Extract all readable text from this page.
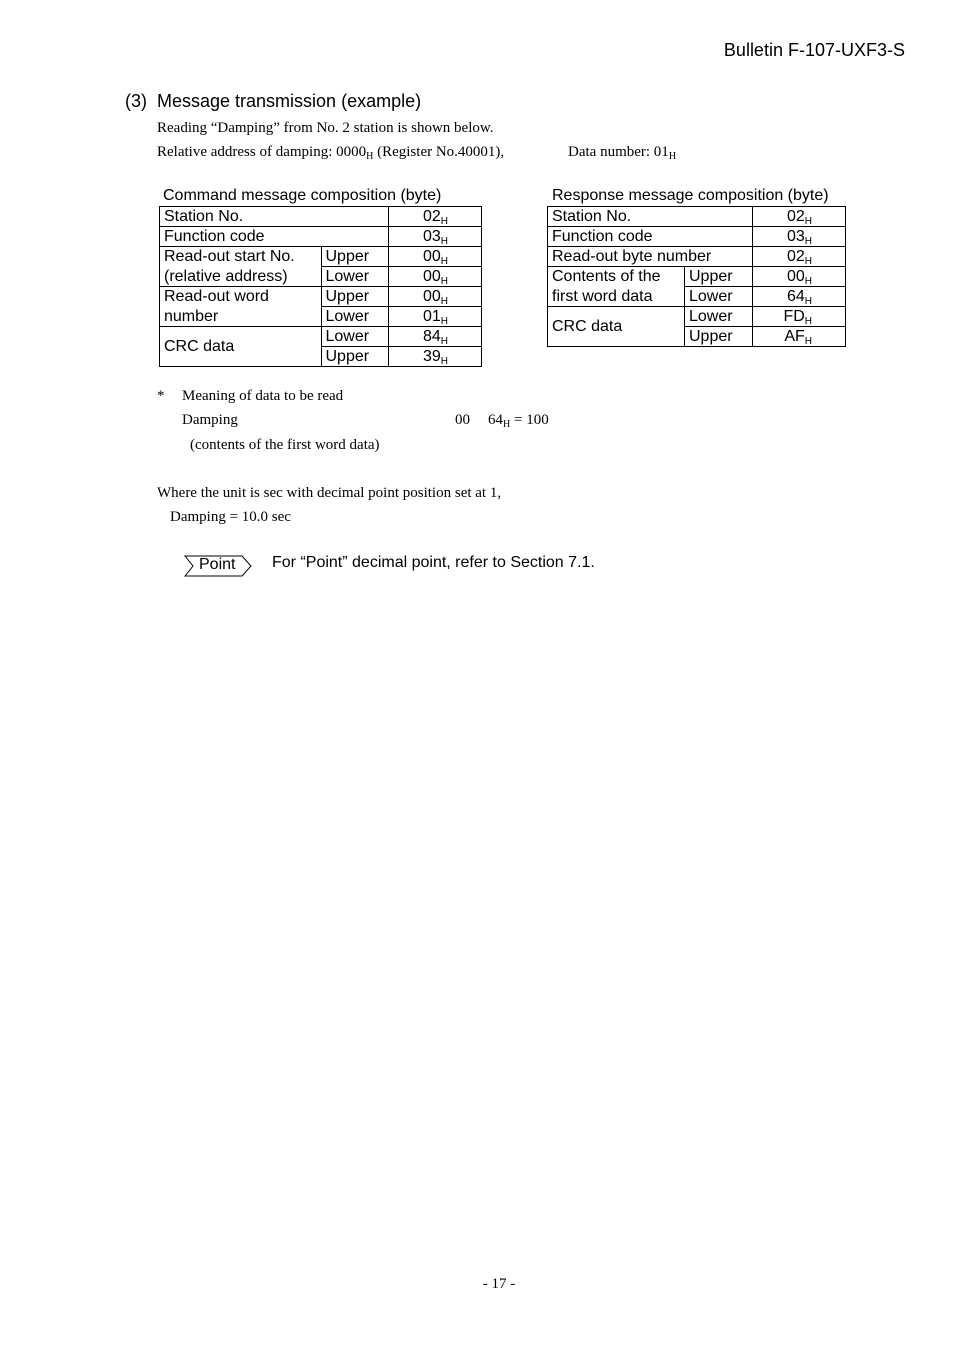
Bulletin F-107-UXF3-S
(3) Message transmission (example)
Reading “Damping” from No. 2 station is shown below.
Relative address of damping: $0000_H$ (Register No.40001),	Data number: $01_H$
Command message composition (byte)
Station No.		$02_H$
Function code		$03_H$
Read-out start No.	Upper	$00_H$
(relative address)	Lower	$00_H$
Read-out word	Upper	$00_H$
number	Lower	$01_H$
CRC data	Lower	$84_H$
	Upper	$39_H$
Response message composition (byte)
Station No.		$02_H$
Function code		$03_H$
Read-out byte number		$02_H$
Contents of the	Upper	$00_H$
first word data	Lower	$64_H$
CRC data	Lower	$FD_H$
	Upper	$AF_H$
* Meaning of data to be read
Damping	00 $64_H = 100$
(contents of the first word data)
Where the unit is sec with decimal point position set at 1,
Damping = 10.0 sec
Point For “Point” decimal point, refer to Section 7.1.
- 17 -
